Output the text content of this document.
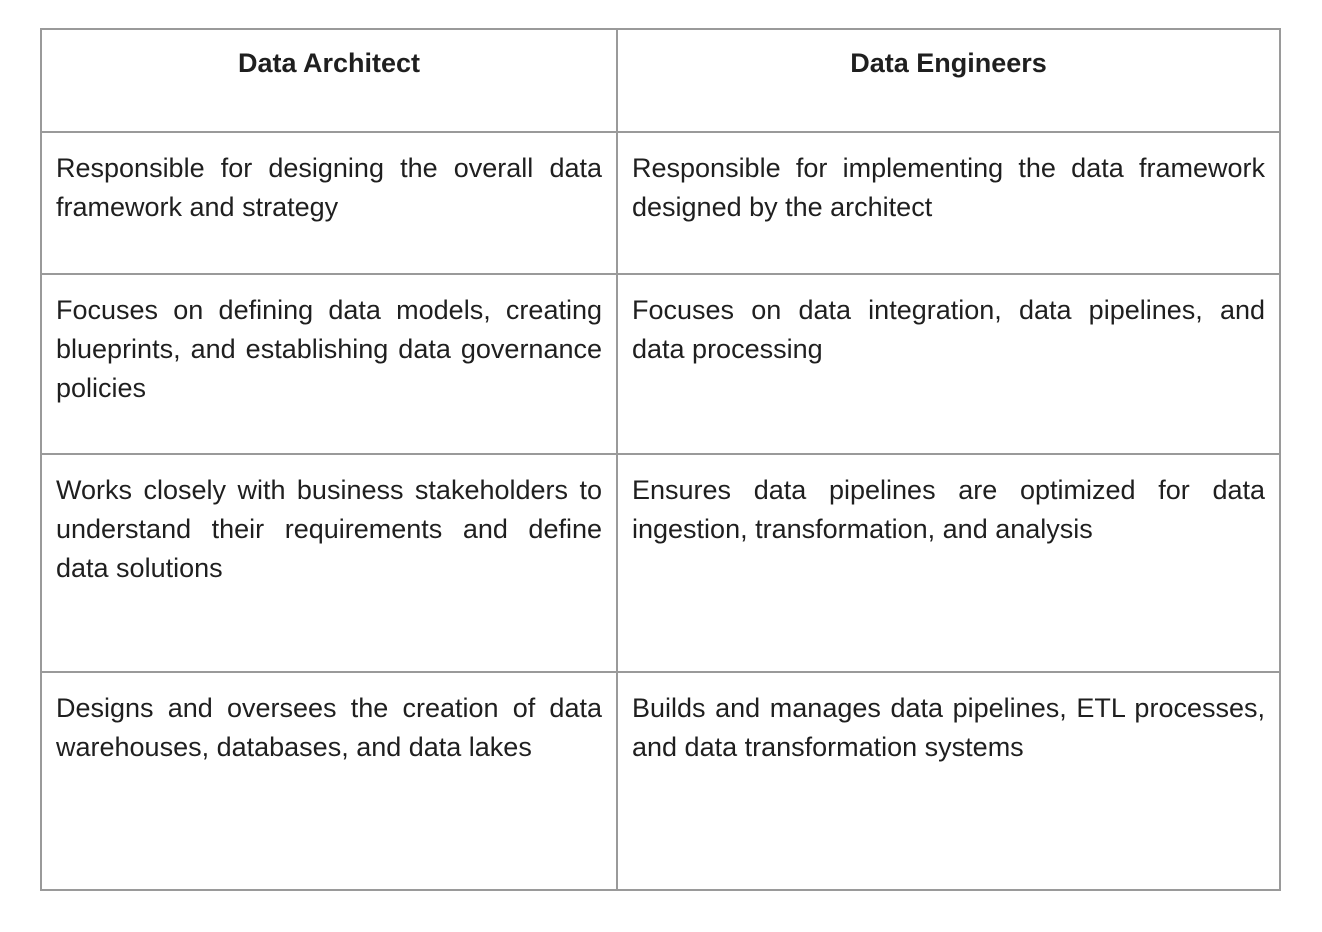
Data Architect	Data Engineers
Responsible for designing the overall data framework and strategy	Responsible for implementing the data framework designed by the architect
Focuses on defining data models, creating blueprints, and establishing data governance policies	Focuses on data integration, data pipelines, and data processing
Works closely with business stakeholders to understand their requirements and define data solutions	Ensures data pipelines are optimized for data ingestion, transformation, and analysis
Designs and oversees the creation of data warehouses, databases, and data lakes	Builds and manages data pipelines, ETL processes, and data transformation systems
